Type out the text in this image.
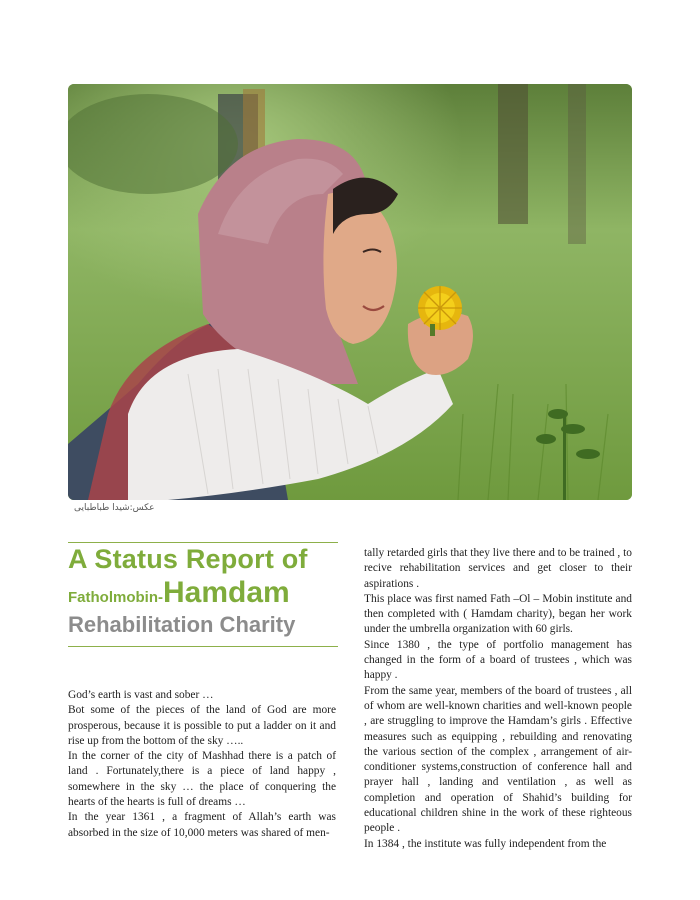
عکس:شیدا طباطبایی
A Status Report of
Fatholmobin-Hamdam
Rehabilitation Charity

God’s earth is vast and sober …

Bot some of the pieces of the land of God are more prosperous, because it is possible to put a ladder on it and rise up from the bottom of the sky …..

In the corner of the city of Mashhad there is a patch of land . Fortunately,there is a piece of land happy , somewhere in the sky … the place of conquering the hearts of the hearts is full of dreams …

In the year 1361 , a fragment of Allah’s earth was absorbed in the size of 10,000 meters was shared of men-

tally retarded girls that they live there and to be trained , to recive rehabilitation services and get closer to their aspirations .

This place was first named Fath –Ol – Mobin institute and then completed with ( Hamdam charity), began her work under the umbrella organization with 60 girls.

Since 1380 , the type of portfolio management has changed in the form of a board of trustees , which was happy .

From the same year, members of the board of trustees , all of whom are well-known charities and well-known people , are struggling to improve the Hamdam’s girls . Effective measures such as equipping , rebuilding and renovating the various section of the complex , arrangement of air-conditioner systems,construction of conference hall and prayer hall , landing and ventilation , as well as completion and operation of Shahid’s building for educational children shine in the work of these righteous people .

In 1384 , the institute was fully independent from the
